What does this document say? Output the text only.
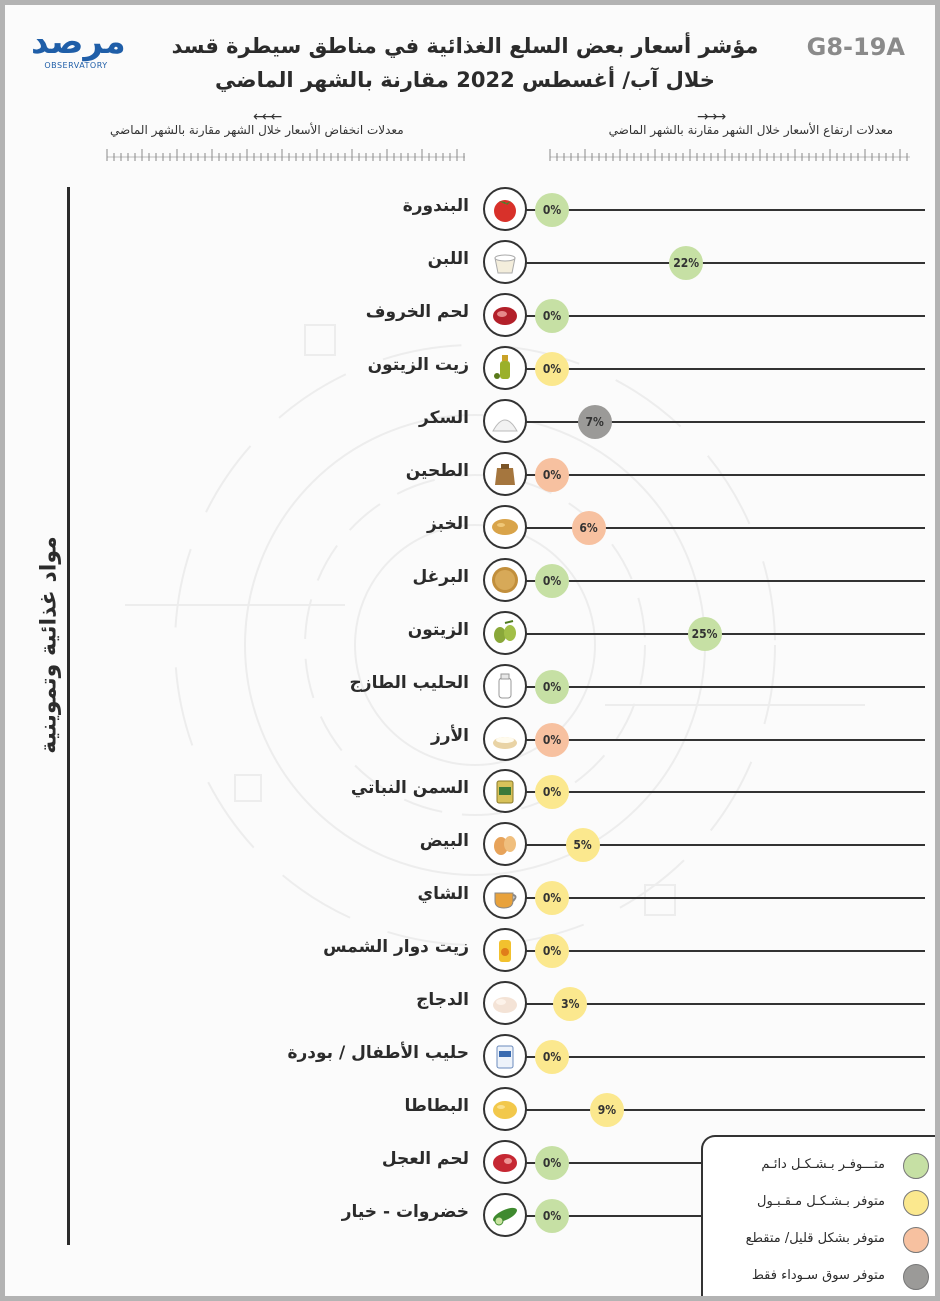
مرصد
OBSERVATORY
G8-19A
مؤشر أسعار بعض السلع الغذائية في مناطق سيطرة قسد
خلال آب/ أغسطس 2022 مقارنة بالشهر الماضي
→→→
←←←
معدلات ارتفاع الأسعار خلال الشهر مقارنة بالشهر الماضي
معدلات انخفاض الأسعار خلال الشهر مقارنة بالشهر الماضي
مواد غذائية وتموينية
البندورة	0%
اللبن	22%
لحم الخروف	0%
زيت الزيتون	0%
السكر	7%
الطحين	0%
الخبز	6%
البرغل	0%
الزيتون	25%
الحليب الطازج	0%
الأرز	0%
السمن النباتي	0%
البيض	5%
الشاي	0%
زيت دوار الشمس	0%
الدجاج	3%
حليب الأطفال / بودرة	0%
البطاطا	9%
لحم العجل	0%
خضروات - خيار	0%
متـــوفـر بـشـكـل دائـم
متوفر بـشـكـل مـقـبـول
متوفر بشكل قليل/ متقطع
متوفر سوق سـوداء فقط
